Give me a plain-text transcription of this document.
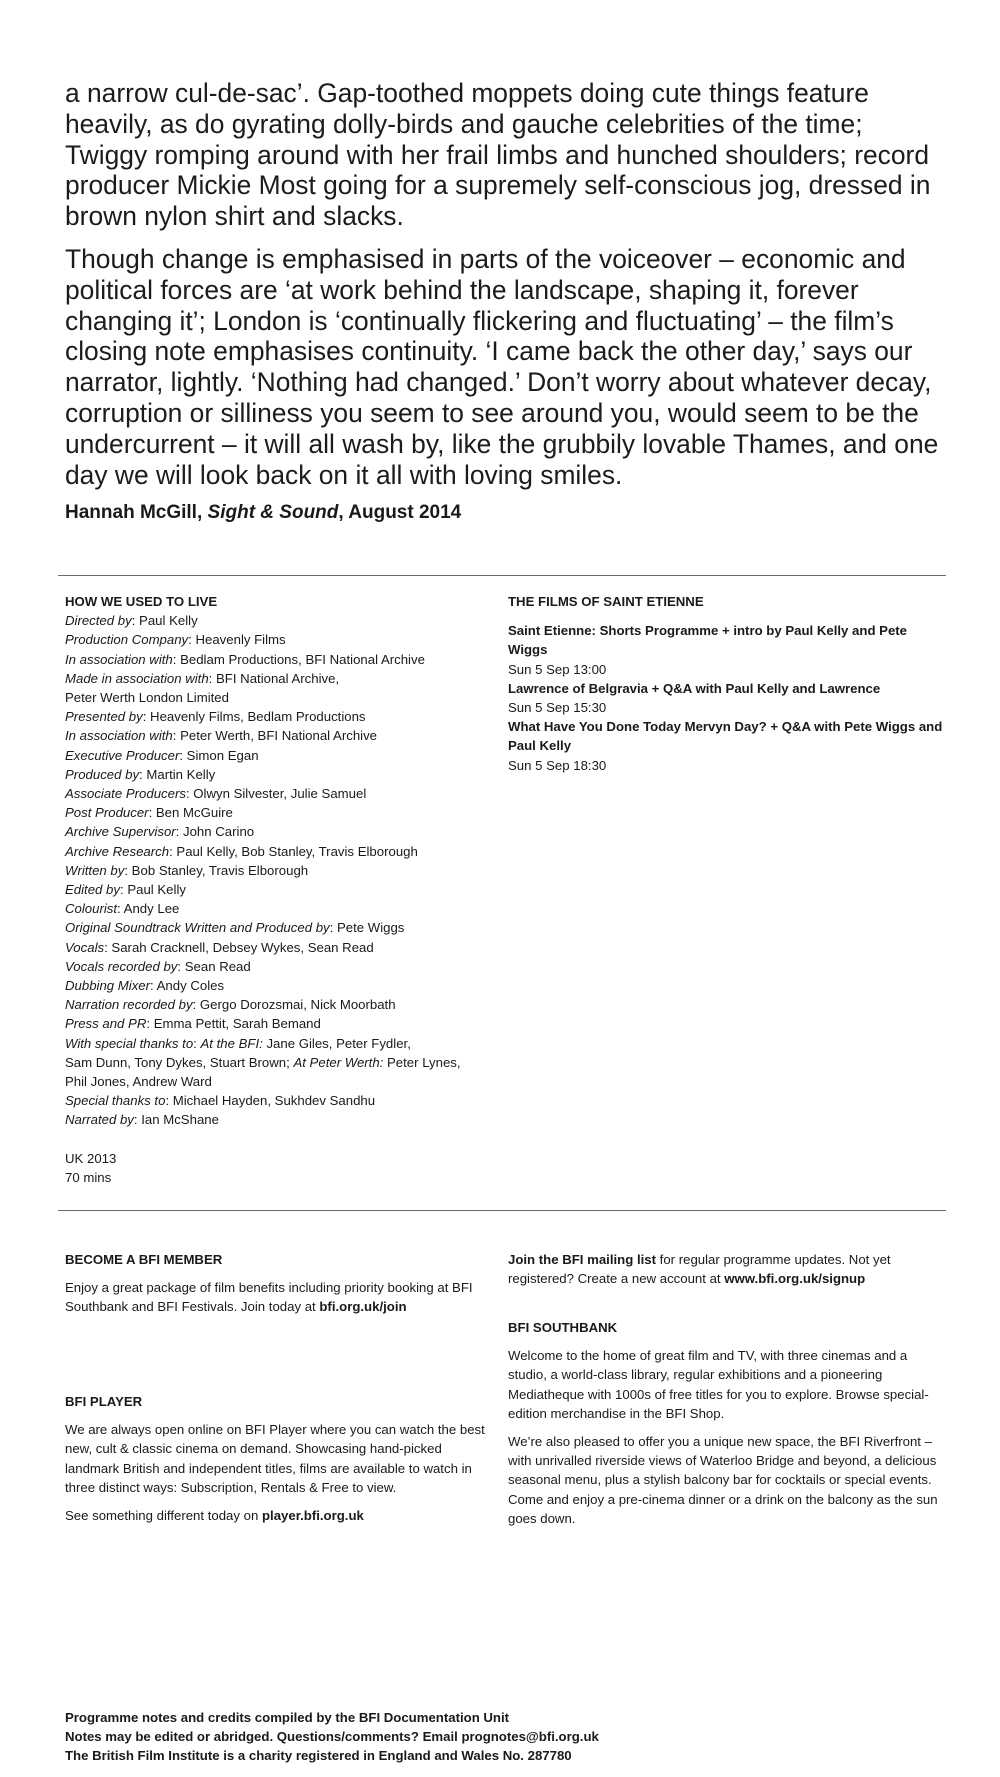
a narrow cul-de-sac’. Gap-toothed moppets doing cute things feature heavily, as do gyrating dolly-birds and gauche celebrities of the time; Twiggy romping around with her frail limbs and hunched shoulders; record producer Mickie Most going for a supremely self-conscious jog, dressed in brown nylon shirt and slacks.

Though change is emphasised in parts of the voiceover – economic and political forces are ‘at work behind the landscape, shaping it, forever changing it’; London is ‘continually flickering and fluctuating’ – the film’s closing note emphasises continuity. ‘I came back the other day,’ says our narrator, lightly. ‘Nothing had changed.’ Don’t worry about whatever decay, corruption or silliness you seem to see around you, would seem to be the undercurrent – it will all wash by, like the grubbily lovable Thames, and one day we will look back on it all with loving smiles.

Hannah McGill, Sight & Sound, August 2014
HOW WE USED TO LIVE
Directed by: Paul Kelly
Production Company: Heavenly Films
In association with: Bedlam Productions, BFI National Archive
Made in association with: BFI National Archive,
Peter Werth London Limited
Presented by: Heavenly Films, Bedlam Productions
In association with: Peter Werth, BFI National Archive
Executive Producer: Simon Egan
Produced by: Martin Kelly
Associate Producers: Olwyn Silvester, Julie Samuel
Post Producer: Ben McGuire
Archive Supervisor: John Carino
Archive Research: Paul Kelly, Bob Stanley, Travis Elborough
Written by: Bob Stanley, Travis Elborough
Edited by: Paul Kelly
Colourist: Andy Lee
Original Soundtrack Written and Produced by: Pete Wiggs
Vocals: Sarah Cracknell, Debsey Wykes, Sean Read
Vocals recorded by: Sean Read
Dubbing Mixer: Andy Coles
Narration recorded by: Gergo Dorozsmai, Nick Moorbath
Press and PR: Emma Pettit, Sarah Bemand
With special thanks to: At the BFI: Jane Giles, Peter Fydler,
Sam Dunn, Tony Dykes, Stuart Brown; At Peter Werth: Peter Lynes,
Phil Jones, Andrew Ward
Special thanks to: Michael Hayden, Sukhdev Sandhu
Narrated by: Ian McShane
UK 2013
70 mins
THE FILMS OF SAINT ETIENNE
Saint Etienne: Shorts Programme + intro by Paul Kelly and Pete Wiggs
Sun 5 Sep 13:00
Lawrence of Belgravia + Q&A with Paul Kelly and Lawrence
Sun 5 Sep 15:30
What Have You Done Today Mervyn Day? + Q&A with Pete Wiggs and Paul Kelly
Sun 5 Sep 18:30
BECOME A BFI MEMBER
Enjoy a great package of film benefits including priority booking at BFI Southbank and BFI Festivals. Join today at bfi.org.uk/join
BFI PLAYER

We are always open online on BFI Player where you can watch the best new, cult & classic cinema on demand. Showcasing hand-picked landmark British and independent titles, films are available to watch in three distinct ways: Subscription, Rentals & Free to view.

See something different today on player.bfi.org.uk
Join the BFI mailing list for regular programme updates. Not yet registered? Create a new account at www.bfi.org.uk/signup
BFI SOUTHBANK

Welcome to the home of great film and TV, with three cinemas and a studio, a world-class library, regular exhibitions and a pioneering Mediatheque with 1000s of free titles for you to explore. Browse special-edition merchandise in the BFI Shop.

We’re also pleased to offer you a unique new space, the BFI Riverfront – with unrivalled riverside views of Waterloo Bridge and beyond, a delicious seasonal menu, plus a stylish balcony bar for cocktails or special events. Come and enjoy a pre-cinema dinner or a drink on the balcony as the sun goes down.

Programme notes and credits compiled by the BFI Documentation Unit
Notes may be edited or abridged. Questions/comments? Email prognotes@bfi.org.uk
The British Film Institute is a charity registered in England and Wales No. 287780
